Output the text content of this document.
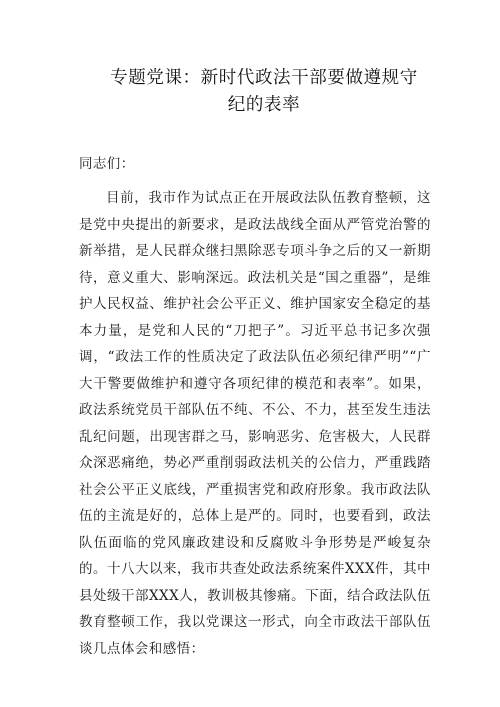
专题党课：新时代政法干部要做遵规守
纪的表率
同志们：

目前，我市作为试点正在开展政法队伍教育整顿，这是党中央提出的新要求，是政法战线全面从严管党治警的新举措，是人民群众继扫黑除恶专项斗争之后的又一新期待，意义重大、影响深远。政法机关是“国之重器”，是维护人民权益、维护社会公平正义、维护国家安全稳定的基本力量，是党和人民的“刀把子”。习近平总书记多次强调，“政法工作的性质决定了政法队伍必须纪律严明”“广大干警要做维护和遵守各项纪律的模范和表率”。如果，政法系统党员干部队伍不纯、不公、不力，甚至发生违法乱纪问题，出现害群之马，影响恶劣、危害极大，人民群众深恶痛绝，势必严重削弱政法机关的公信力，严重践踏社会公平正义底线，严重损害党和政府形象。我市政法队伍的主流是好的，总体上是严的。同时，也要看到，政法队伍面临的党风廉政建设和反腐败斗争形势是严峻复杂的。十八大以来，我市共查处政法系统案件XXX件，其中县处级干部XXX人，教训极其惨痛。下面，结合政法队伍教育整顿工作，我以党课这一形式，向全市政法干部队伍谈几点体会和感悟：
